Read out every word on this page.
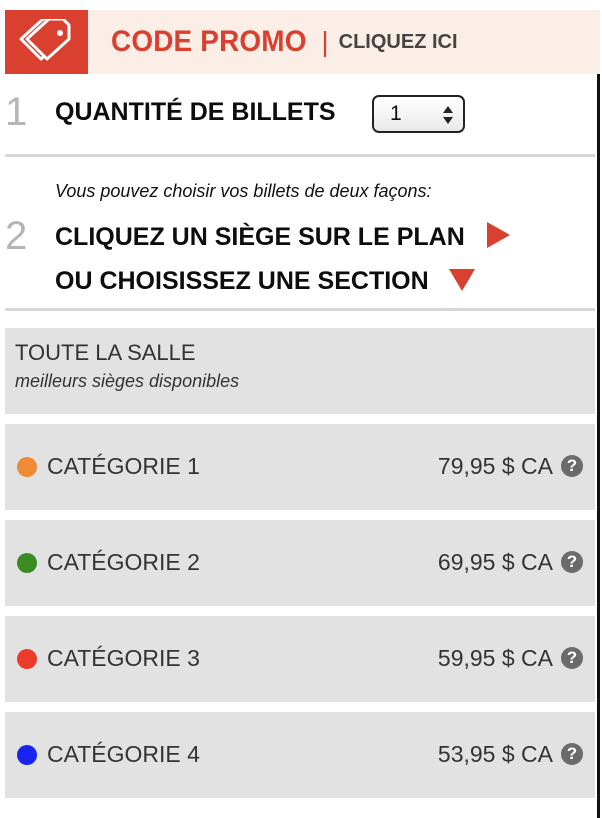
CODE PROMO | CLIQUEZ ICI
1 QUANTITÉ DE BILLETS	1
Vous pouvez choisir vos billets de deux façons:
2 CLIQUEZ UN SIÈGE SUR LE PLAN
OU CHOISISSEZ UNE SECTION
TOUTE LA SALLE
meilleurs sièges disponibles
CATÉGORIE 1	79,95 $ CA ?
CATÉGORIE 2	69,95 $ CA ?
CATÉGORIE 3	59,95 $ CA ?
CATÉGORIE 4	53,95 $ CA ?
